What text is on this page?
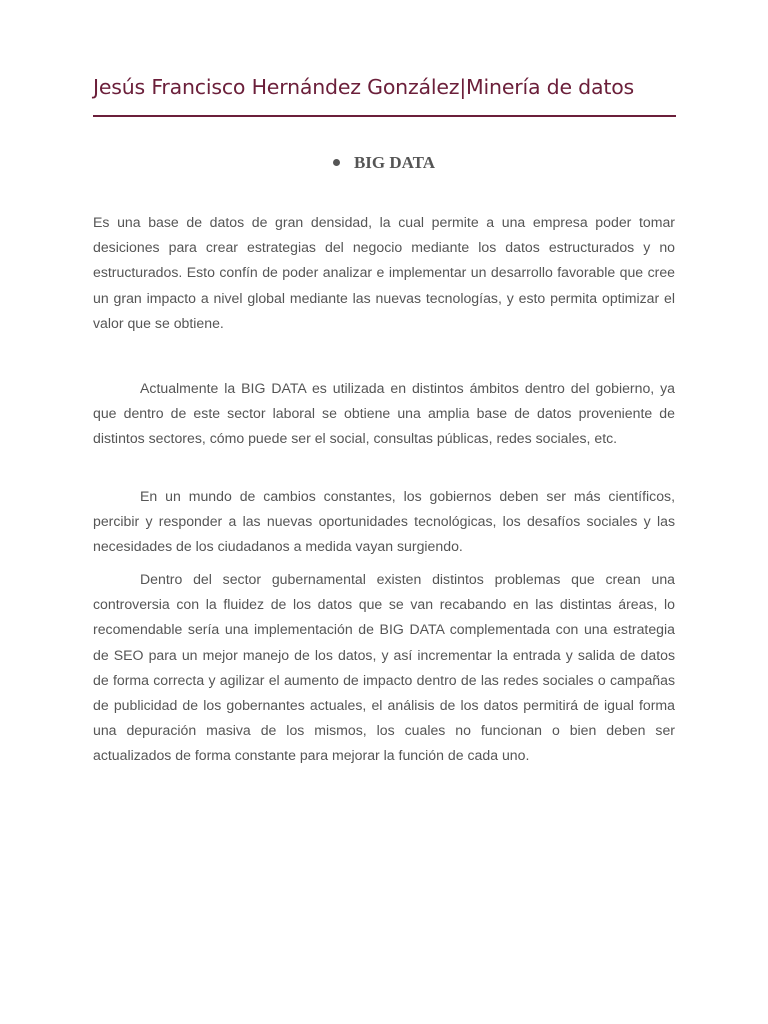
Jesús Francisco Hernández González|Minería de datos
BIG DATA

Es una base de datos de gran densidad, la cual permite a una empresa poder tomar desiciones para crear estrategias del negocio mediante los datos estructurados y no estructurados. Esto confín de poder analizar e implementar un desarrollo favorable que cree un gran impacto a nivel global mediante las nuevas tecnologías, y esto permita optimizar el valor que se obtiene.

Actualmente la BIG DATA es utilizada en distintos ámbitos dentro del gobierno, ya que dentro de este sector laboral se obtiene una amplia base de datos proveniente de distintos sectores, cómo puede ser el social, consultas públicas, redes sociales, etc.

En un mundo de cambios constantes, los gobiernos deben ser más científicos, percibir y responder a las nuevas oportunidades tecnológicas, los desafíos sociales y las necesidades de los ciudadanos a medida vayan surgiendo.

Dentro del sector gubernamental existen distintos problemas que crean una controversia con la fluidez de los datos que se van recabando en las distintas áreas, lo recomendable sería una implementación de BIG DATA complementada con una estrategia de SEO para un mejor manejo de los datos, y así incrementar la entrada y salida de datos de forma correcta y agilizar el aumento de impacto dentro de las redes sociales o campañas de publicidad de los gobernantes actuales, el análisis de los datos permitirá de igual forma una depuración masiva de los mismos, los cuales no funcionan o bien deben ser actualizados de forma constante para mejorar la función de cada uno.
